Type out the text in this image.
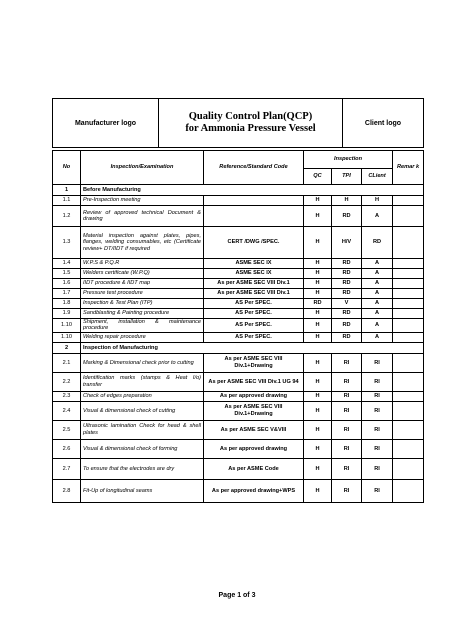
Manufacturer logo	
Quality Control Plan(QCP)
for Ammonia Pressure Vessel	Client logo
No	Inspection/Examination	Reference/Standard Code	Inspection			Remar k
			QC	TPI	CLient	
1	Before Manufacturing					
1.1	Pre-Inspection meeting		H	H	H	
1.2	Review of approved technical Document & drawing		H	RD	A	
1.3	Material inspection against plates, pipes, flanges, welding consumables, etc (Certificate review+ DT/IIDT if required	CERT /DWG /SPEC.	H	H/V	RD	
1.4	W.P.S & P.Q.R	ASME SEC IX	H	RD	A	
1.5	Welders certificate (W.P.Q)	ASME SEC IX	H	RD	A	
1.6	IIDT procedure & IIDT map	As per ASME SEC VIII Div.1	H	RD	A	
1.7	Pressure test procedure	As per ASME SEC VIII Div.1	H	RD	A	
1.8	Inspection & Test Plan (ITP)	AS Per SPEC.	RD	V	A	
1.9	Sandblasting & Painting procedure	AS Per SPEC.	H	RD	A	
1.10	Shipment, installation & maintenance procedure	AS Per SPEC.	H	RD	A	
1.10	Welding repair procedure	AS Per SPEC.	H	RD	A	
2	Inspection of Manufacturing					
2.1	Marking & Dimensional check prior to cutting	As per ASME SEC VIII Div.1+Drawing	H	RI	RI	
2.2	Identification marks (stamps & Heat I/o) transfer	As per ASME SEC VIII Div.1 UG 94	H	RI	RI	
2.3	Check of edges preparation	As per approved drawing	H	RI	RI	
2.4	Visual & dimensional check of cutting	As per ASME SEC VIII Div.1+Drawing	H	RI	RI	
2.5	Ultrasonic lamination Check for head & shell plates	As per ASME SEC V&VIII	H	RI	RI	
2.6	Visual & dimensional check of forming	As per approved drawing	H	RI	RI	
2.7	To ensure that the electrodes are dry	As per ASME Code	H	RI	RI	
2.8	Fit-Up of longitudinal seams	As per approved drawing+WPS	H	RI	RI	
Page 1 of 3
